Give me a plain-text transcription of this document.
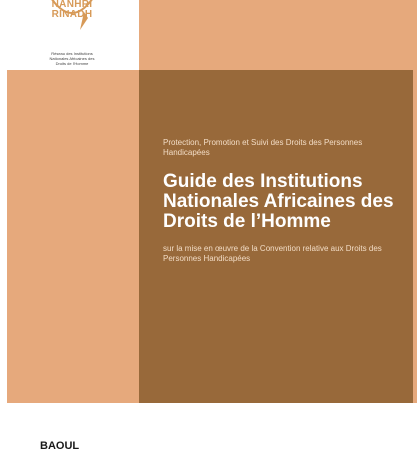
NANHRI
RINADH
Réseau des Institutions Nationales Africaines des Droits de l'Homme
Protection, Promotion et Suivi des Droits des Personnes Handicapées
Guide des Institutions Nationales Africaines des Droits de l’Homme
sur la mise en œuvre de la Convention relative aux Droits des Personnes Handicapées
BAOUL
